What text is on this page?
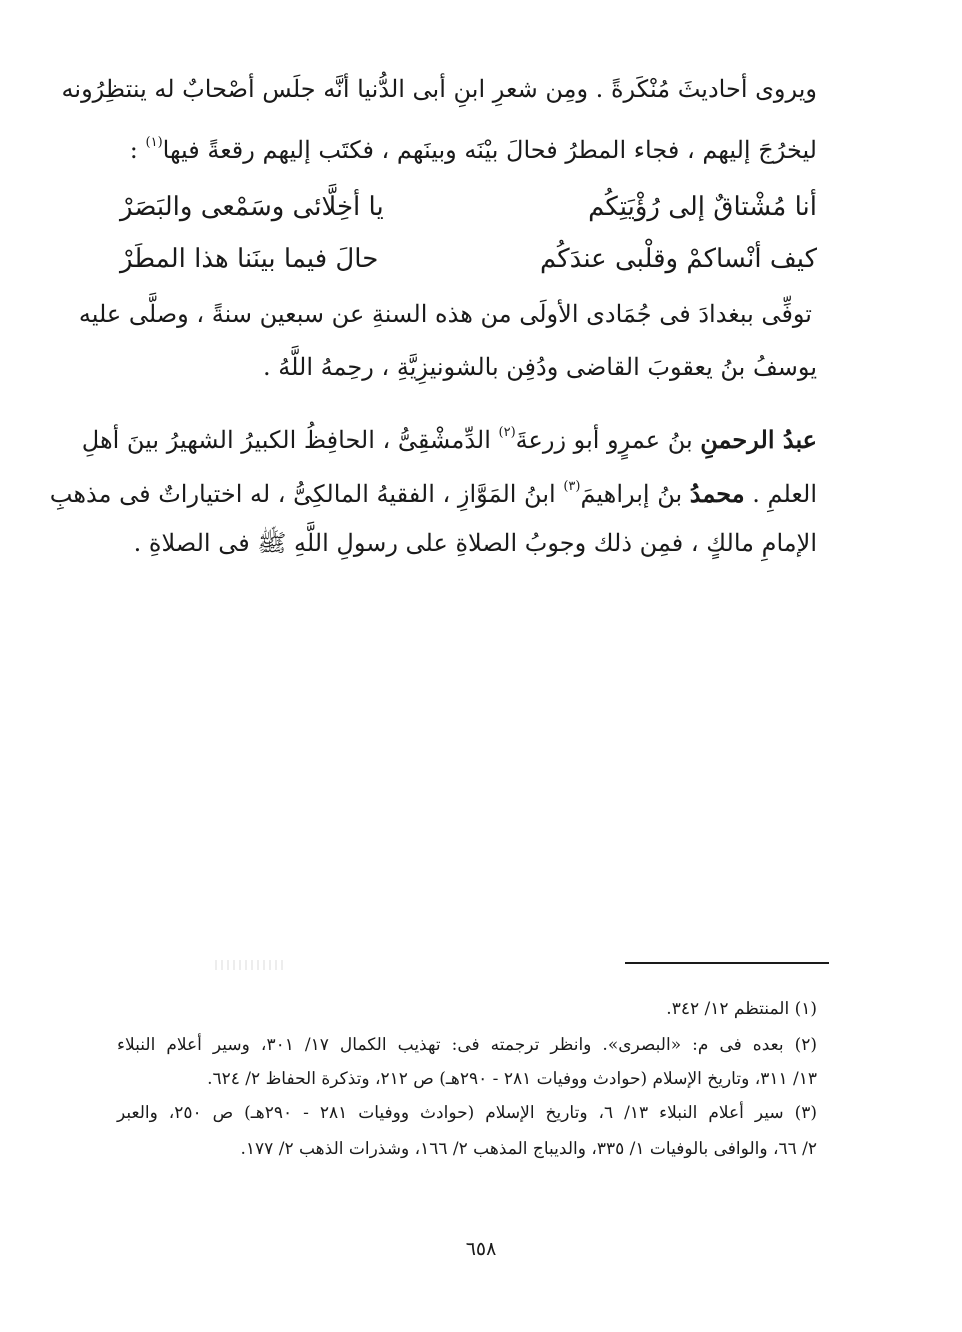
ويروى أحاديثَ مُنْكَرةً . ومِن شعرِ ابنِ أبى الدُّنيا أنَّه جلَس أصْحابٌ له ينتظِرُونه
ليخرُجَ إليهم ، فجاء المطرُ فحالَ بيْنَه وبينَهم ، فكتَب إليهم رقعةً فيها$^{(١)}$ :
أنا مُشْتاقٌ إلى رُؤْيَتِكُم
يا أخِلَّائى وسَمْعى والبَصَرْ
كيف أنْساكمْ وقلْبى عندَكُم
حالَ فيما بينَنا هذا المطَرْ
توفِّى ببغدادَ فى جُمَادى الأولَى من هذه السنةِ عن سبعين سنةً ، وصلَّى عليه
يوسفُ بنُ يعقوبَ القاضى ودُفِن بالشونيزِيَّةِ ، رحِمهُ اللَّهُ .
عبدُ الرحمنِ بنُ عمرٍو أبو زرعةَ$^{(٢)}$ الدِّمشْقِىُّ ، الحافِظُ الكبيرُ الشهيرُ بينَ أهلِ
العلمِ . محمدُ بنُ إبراهيمَ$^{(٣)}$ ابنُ المَوَّازِ ، الفقيهُ المالكِىُّ ، له اختياراتٌ فى مذهبِ
الإمامِ مالكٍ ، فمِن ذلك وجوبُ الصلاةِ على رسولِ اللَّهِ ﷺ فى الصلاةِ .
(١) المنتظم ١٢/ ٣٤٢.
(٢) بعده فى م: «البصرى». وانظر ترجمته فى: تهذيب الكمال ١٧/ ٣٠١، وسير أعلام النبلاء
١٣/ ٣١١، وتاريخ الإسلام (حوادث ووفيات ٢٨١ - ٢٩٠هـ) ص ٢١٢، وتذكرة الحفاظ ٢/ ٦٢٤.
(٣) سير أعلام النبلاء ١٣/ ٦، وتاريخ الإسلام (حوادث ووفيات ٢٨١ - ٢٩٠هـ) ص ٢٥٠، والعبر
٢/ ٦٦، والوافى بالوفيات ١/ ٣٣٥، والديباج المذهب ٢/ ١٦٦، وشذرات الذهب ٢/ ١٧٧.
٦٥٨
